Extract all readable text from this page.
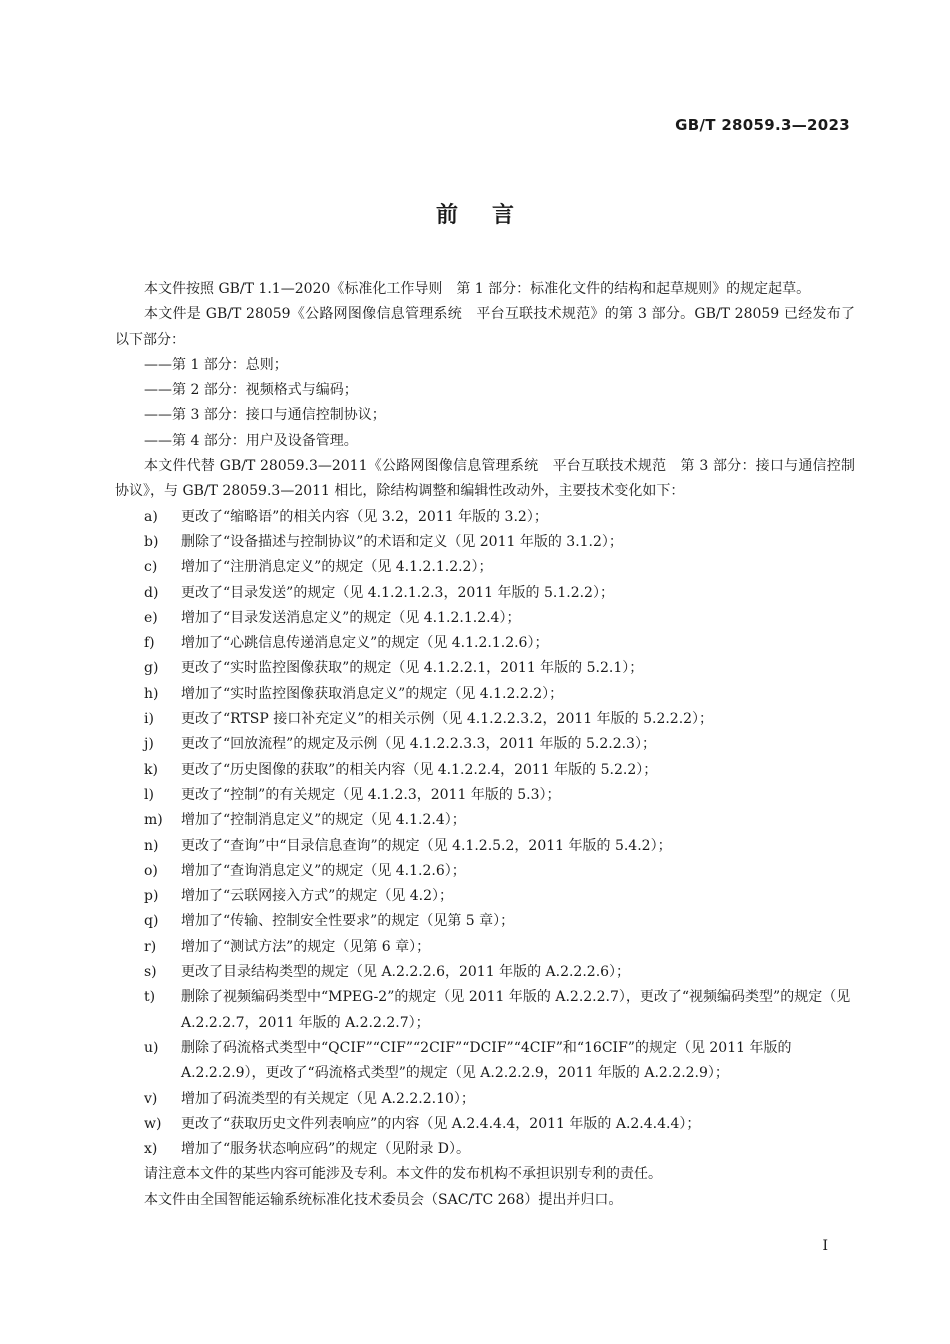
GB/T 28059.3—2023
前言

本文件按照 GB/T 1.1—2020《标准化工作导则　第 1 部分：标准化文件的结构和起草规则》的规定起草。

本文件是 GB/T 28059《公路网图像信息管理系统　平台互联技术规范》的第 3 部分。GB/T 28059 已经发布了以下部分：

——第 1 部分：总则；

——第 2 部分：视频格式与编码；

——第 3 部分：接口与通信控制协议；

——第 4 部分：用户及设备管理。

本文件代替 GB/T 28059.3—2011《公路网图像信息管理系统　平台互联技术规范　第 3 部分：接口与通信控制协议》，与 GB/T 28059.3—2011 相比，除结构调整和编辑性改动外，主要技术变化如下：

a) 更改了“缩略语”的相关内容（见 3.2，2011 年版的 3.2）；

b) 删除了“设备描述与控制协议”的术语和定义（见 2011 年版的 3.1.2）；

c) 增加了“注册消息定义”的规定（见 4.1.2.1.2.2）；

d) 更改了“目录发送”的规定（见 4.1.2.1.2.3，2011 年版的 5.1.2.2）；

e) 增加了“目录发送消息定义”的规定（见 4.1.2.1.2.4）；

f) 增加了“心跳信息传递消息定义”的规定（见 4.1.2.1.2.6）；

g) 更改了“实时监控图像获取”的规定（见 4.1.2.2.1，2011 年版的 5.2.1）；

h) 增加了“实时监控图像获取消息定义”的规定（见 4.1.2.2.2）；

i) 更改了“RTSP 接口补充定义”的相关示例（见 4.1.2.2.3.2，2011 年版的 5.2.2.2）；

j) 更改了“回放流程”的规定及示例（见 4.1.2.2.3.3，2011 年版的 5.2.2.3）；

k) 更改了“历史图像的获取”的相关内容（见 4.1.2.2.4，2011 年版的 5.2.2）；

l) 更改了“控制”的有关规定（见 4.1.2.3，2011 年版的 5.3）；

m) 增加了“控制消息定义”的规定（见 4.1.2.4）；

n) 更改了“查询”中“目录信息查询”的规定（见 4.1.2.5.2，2011 年版的 5.4.2）；

o) 增加了“查询消息定义”的规定（见 4.1.2.6）；

p) 增加了“云联网接入方式”的规定（见 4.2）；

q) 增加了“传输、控制安全性要求”的规定（见第 5 章）；

r) 增加了“测试方法”的规定（见第 6 章）；

s) 更改了目录结构类型的规定（见 A.2.2.2.6，2011 年版的 A.2.2.2.6）；

t) 删除了视频编码类型中“MPEG-2”的规定（见 2011 年版的 A.2.2.2.7），更改了“视频编码类型”的规定（见 A.2.2.2.7，2011 年版的 A.2.2.2.7）；

u) 删除了码流格式类型中“QCIF”“CIF”“2CIF”“DCIF”“4CIF”和“16CIF”的规定（见 2011 年版的 A.2.2.2.9），更改了“码流格式类型”的规定（见 A.2.2.2.9，2011 年版的 A.2.2.2.9）；

v) 增加了码流类型的有关规定（见 A.2.2.2.10）；

w) 更改了“获取历史文件列表响应”的内容（见 A.2.4.4.4，2011 年版的 A.2.4.4.4）；

x) 增加了“服务状态响应码”的规定（见附录 D）。

请注意本文件的某些内容可能涉及专利。本文件的发布机构不承担识别专利的责任。

本文件由全国智能运输系统标准化技术委员会（SAC/TC 268）提出并归口。

I
